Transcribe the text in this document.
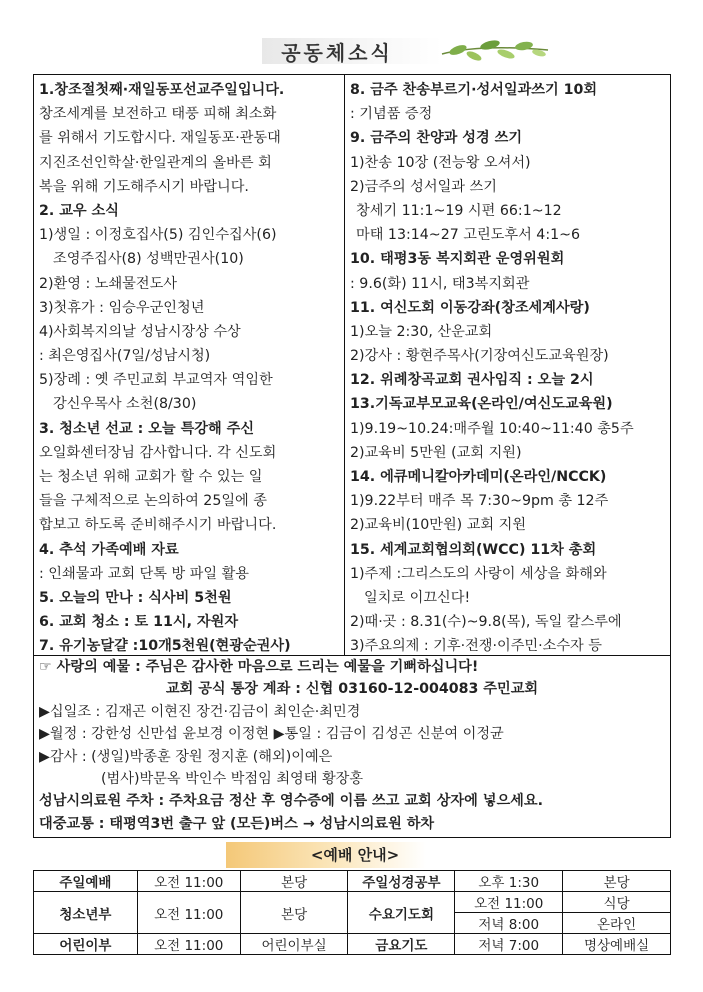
공동체소식
1.창조절첫째·재일동포선교주일입니다.
창조세계를 보전하고 태풍 피해 최소화
를 위해서 기도합시다. 재일동포·관동대
지진조선인학살·한일관계의 올바른 회
복을 위해 기도해주시기 바랍니다.
2. 교우 소식
1)생일 : 이정호집사(5) 김인수집사(6)
조영주집사(8) 성백만권사(10)
2)환영 : 노쇄물전도사
3)첫휴가 : 임승우군인청년
4)사회복지의날 성남시장상 수상
: 최은영집사(7일/성남시청)
5)장례 : 옛 주민교회 부교역자 역임한
강신우목사 소천(8/30)
3. 청소년 선교 : 오늘 특강해 주신
오일화센터장님 감사합니다. 각 신도회
는 청소년 위해 교회가 할 수 있는 일
들을 구체적으로 논의하여 25일에 종
합보고 하도록 준비해주시기 바랍니다.
4. 추석 가족예배 자료
: 인쇄물과 교회 단톡 방 파일 활용
5. 오늘의 만나 : 식사비 5천원
6. 교회 청소 : 토 11시, 자원자
7. 유기농달걀 :10개5천원(현광순권사)
8. 금주 찬송부르기·성서일과쓰기 10회
: 기념품 증정
9. 금주의 찬양과 성경 쓰기
1)찬송 10장 (전능왕 오셔서)
2)금주의 성서일과 쓰기
창세기 11:1~19 시편 66:1~12
마태 13:14~27 고린도후서 4:1~6
10. 태평3동 복지회관 운영위원회
: 9.6(화) 11시, 태3복지회관
11. 여신도회 이동강좌(창조세계사랑)
1)오늘 2:30, 산운교회
2)강사 : 황현주목사(기장여신도교육원장)
12. 위례창곡교회 권사임직 : 오늘 2시
13.기독교부모교육(온라인/여신도교육원)
1)9.19~10.24:매주월 10:40~11:40 총5주
2)교육비 5만원 (교회 지원)
14. 에큐메니칼아카데미(온라인/NCCK)
1)9.22부터 매주 목 7:30~9pm 총 12주
2)교육비(10만원) 교회 지원
15. 세계교회협의회(WCC) 11차 총회
1)주제 :그리스도의 사랑이 세상을 화해와
일치로 이끄신다!
2)때·곳 : 8.31(수)~9.8(목), 독일 칼스루에
3)주요의제 : 기후·전쟁·이주민·소수자 등
☞ 사랑의 예물 : 주님은 감사한 마음으로 드리는 예물을 기뻐하십니다!
교회 공식 통장 계좌 : 신협 03160-12-004083 주민교회
▶십일조 : 김재곤 이현진 장건·김금이 최인순·최민경
▶월정 : 강한성 신만섭 윤보경 이정현 ▶통일 : 김금이 김성곤 신분여 이정균
▶감사 : (생일)박종훈 장원 정지훈 (해외)이예은
(범사)박문옥 박인수 박점임 최영태 황장홍
성남시의료원 주차 : 주차요금 정산 후 영수증에 이름 쓰고 교회 상자에 넣으세요.
대중교통 : 태평역3번 출구 앞 (모든)버스 → 성남시의료원 하차
<예배 안내>
주일예배	오전 11:00	본당	주일성경공부	오후 1:30	본당
청소년부	오전 11:00	본당	수요기도회	오전 11:00	식당
				저녁 8:00	온라인
어린이부	오전 11:00	어린이부실	금요기도	저녁 7:00	명상예배실
